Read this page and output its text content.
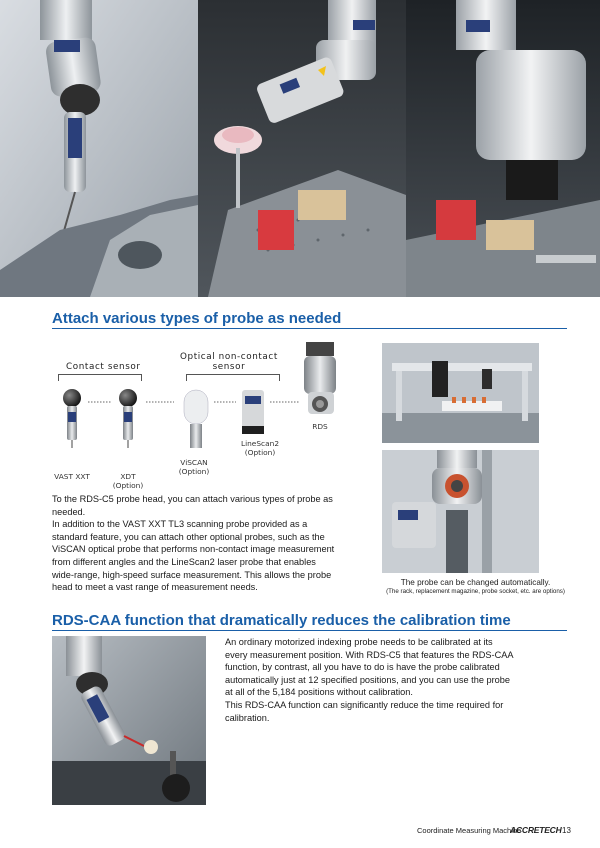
Attach various types of probe as needed
Contact sensor
Optical non-contact
sensor
VAST XXT	XDT
(Option)
ViSCAN
(Option)
LineScan2
(Option)
RDS
To the RDS-C5 probe head, you can attach various types of probe as
needed.
In addition to the VAST XXT TL3 scanning probe provided as a
standard feature, you can attach other optional probes, such as the
ViSCAN optical probe that performs non-contact image measurement
from different angles and the LineScan2 laser probe that enables
wide-range, high-speed surface measurement. This allows the probe
head to meet a vast range of measurement needs.	The probe can be changed automatically.
(The rack, replacement magazine, probe socket, etc. are options)
RDS-CAA function that dramatically reduces the calibration time
An ordinary motorized indexing probe needs to be calibrated at its
every measurement position. With RDS-C5 that features the RDS-CAA
function, by contrast, all you have to do is have the probe calibrated
automatically just at 12 specified positions, and you can use the probe
at all of the 5,184 positions without calibration.
This RDS-CAA function can significantly reduce the time required for
calibration.
Coordinate Measuring Machine
ACCRETECH 13
